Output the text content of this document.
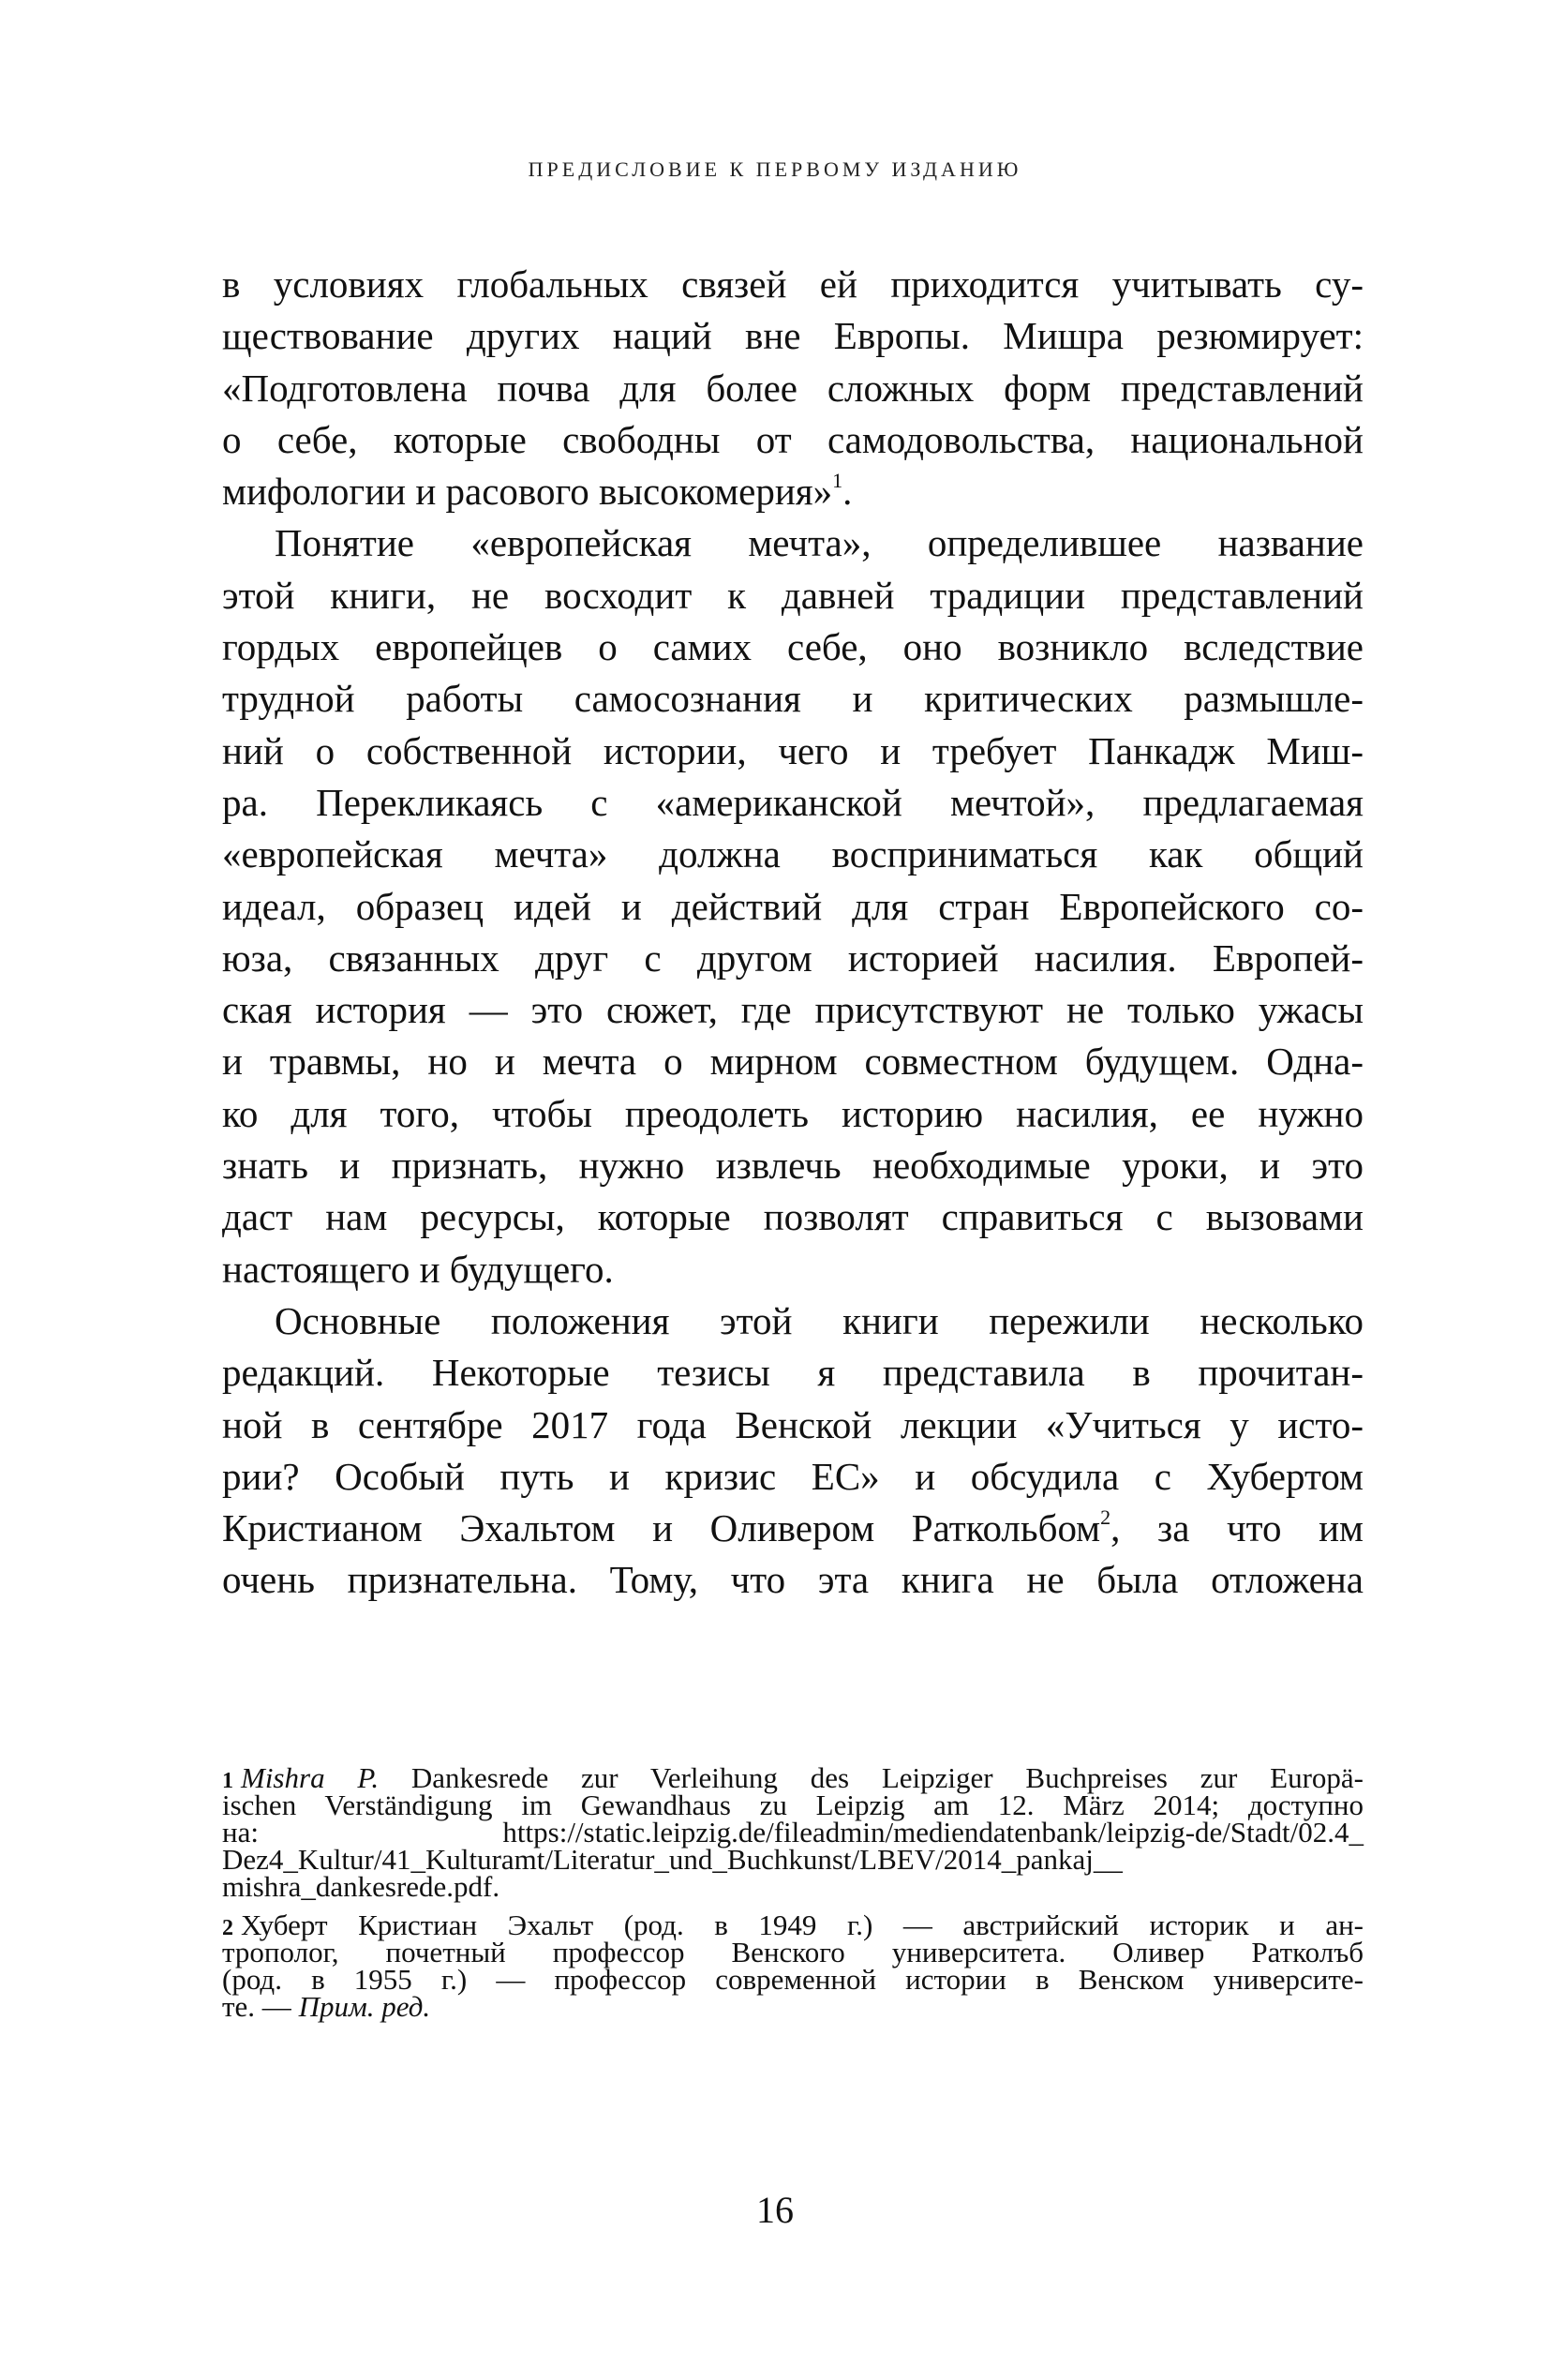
ПРЕДИСЛОВИЕ К ПЕРВОМУ ИЗДАНИЮ
в условиях глобальных связей ей приходится учитывать су-
ществование других наций вне Европы. Мишра резюмирует:
«Подготовлена почва для более сложных форм представлений
о себе, которые свободны от самодовольства, национальной
мифологии и расового высокомерия»$^1$.
Понятие «европейская мечта», определившее название
этой книги, не восходит к давней традиции представлений
гордых европейцев о самих себе, оно возникло вследствие
трудной работы самосознания и критических размышле-
ний о собственной истории, чего и требует Панкадж Миш-
ра. Перекликаясь с «американской мечтой», предлагаемая
«европейская мечта» должна восприниматься как общий
идеал, образец идей и действий для стран Европейского со-
юза, связанных друг с другом историей насилия. Европей-
ская история — это сюжет, где присутствуют не только ужасы
и травмы, но и мечта о мирном совместном будущем. Одна-
ко для того, чтобы преодолеть историю насилия, ее нужно
знать и признать, нужно извлечь необходимые уроки, и это
даст нам ресурсы, которые позволят справиться с вызовами
настоящего и будущего.
Основные положения этой книги пережили несколько
редакций. Некоторые тезисы я представила в прочитан-
ной в сентябре 2017 года Венской лекции «Учиться у исто-
рии? Особый путь и кризис ЕС» и обсудила с Хубертом
Кристианом Эхальтом и Оливером Раткольбом$^2$, за что им
очень признательна. Тому, что эта книга не была отложена
1 Mishra P. Dankesrede zur Verleihung des Leipziger Buchpreises zur Europä-
ischen Verständigung im Gewandhaus zu Leipzig am 12. März 2014; доступно
на: https://static.leipzig.de/fileadmin/mediendatenbank/leipzig-de/Stadt/02.4_
Dez4_Kultur/41_Kulturamt/Literatur_und_Buchkunst/LBEV/2014_pankaj__
mishra_dankesrede.pdf.
2 Хуберт Кристиан Эхальт (род. в 1949 г.) — австрийский историк и ан-
трополог, почетный профессор Венского университета. Оливер Ратколъб
(род. в 1955 г.) — профессор современной истории в Венском университе-
те. — Прим. ред.
16
